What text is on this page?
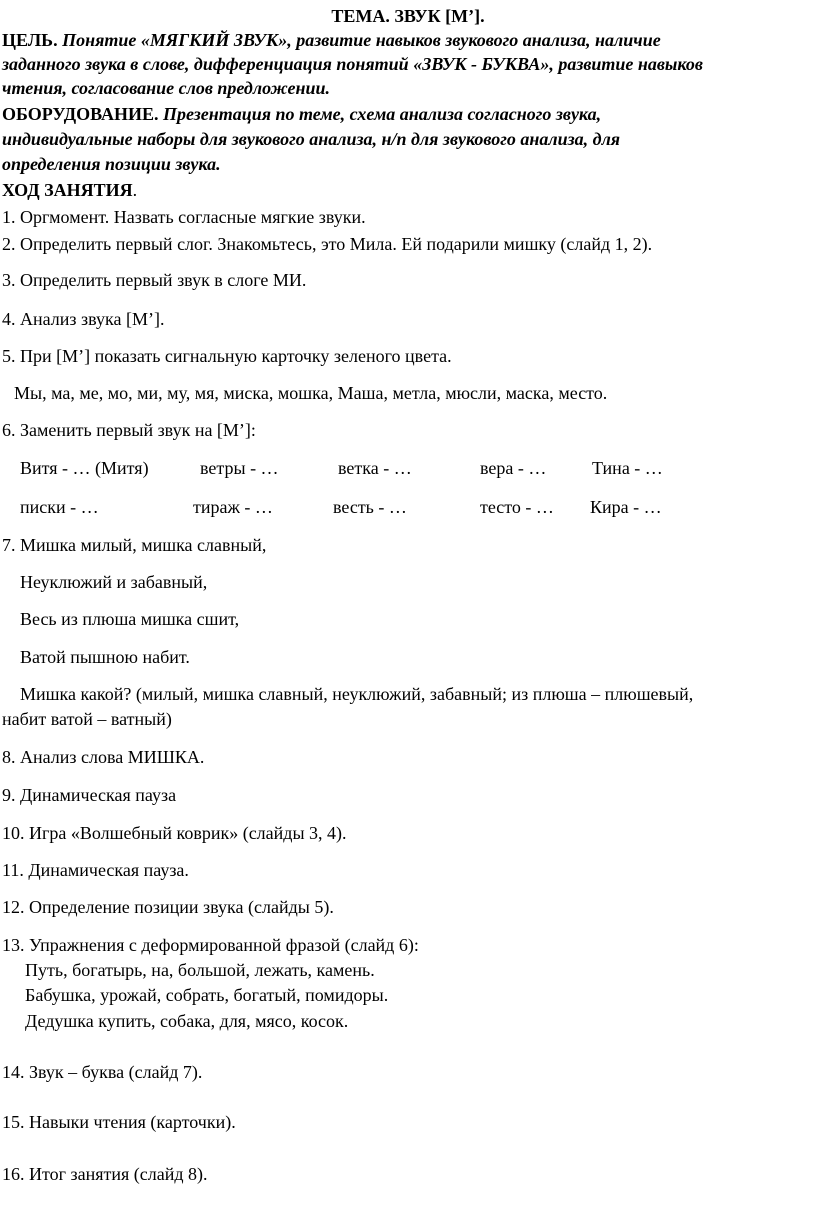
ТЕМА. ЗВУК [М’].
ЦЕЛЬ. Понятие «МЯГКИЙ ЗВУК», развитие навыков звукового анализа, наличие
заданного звука в слове, дифференциация понятий «ЗВУК - БУКВА», развитие навыков
чтения, согласование слов предложении.
ОБОРУДОВАНИЕ. Презентация по теме, схема анализа согласного звука,
индивидуальные наборы для звукового анализа, н/п для звукового анализа, для
определения позиции звука.
ХОД ЗАНЯТИЯ.
1. Оргмомент. Назвать согласные мягкие звуки.
2. Определить первый слог. Знакомьтесь, это Мила. Ей подарили мишку (слайд 1, 2).
3. Определить первый звук в слоге МИ.
4. Анализ звука [М’].
5. При [М’] показать сигнальную карточку зеленого цвета.
Мы, ма, ме, мо, ми, му, мя, миска, мошка, Маша, метла, мюсли, маска, место.
6. Заменить первый звук на [М’]:
Витя - … (Митя)	ветры - …	ветка - …	вера - …	Тина - …
писки - …	тираж - …	весть - …	тесто - … Кира - …
7. Мишка милый, мишка славный,
Неуклюжий и забавный,
Весь из плюша мишка сшит,
Ватой пышною набит.
Мишка какой? (милый, мишка славный, неуклюжий, забавный; из плюша – плюшевый,
набит ватой – ватный)
8. Анализ слова МИШКА.
9. Динамическая пауза
10. Игра «Волшебный коврик» (слайды 3, 4).
11. Динамическая пауза.
12. Определение позиции звука (слайды 5).
13. Упражнения с деформированной фразой (слайд 6):
Путь, богатырь, на, большой, лежать, камень.
Бабушка, урожай, собрать, богатый, помидоры.
Дедушка купить, собака, для, мясо, косок.
14. Звук – буква (слайд 7).
15. Навыки чтения (карточки).
16. Итог занятия (слайд 8).
